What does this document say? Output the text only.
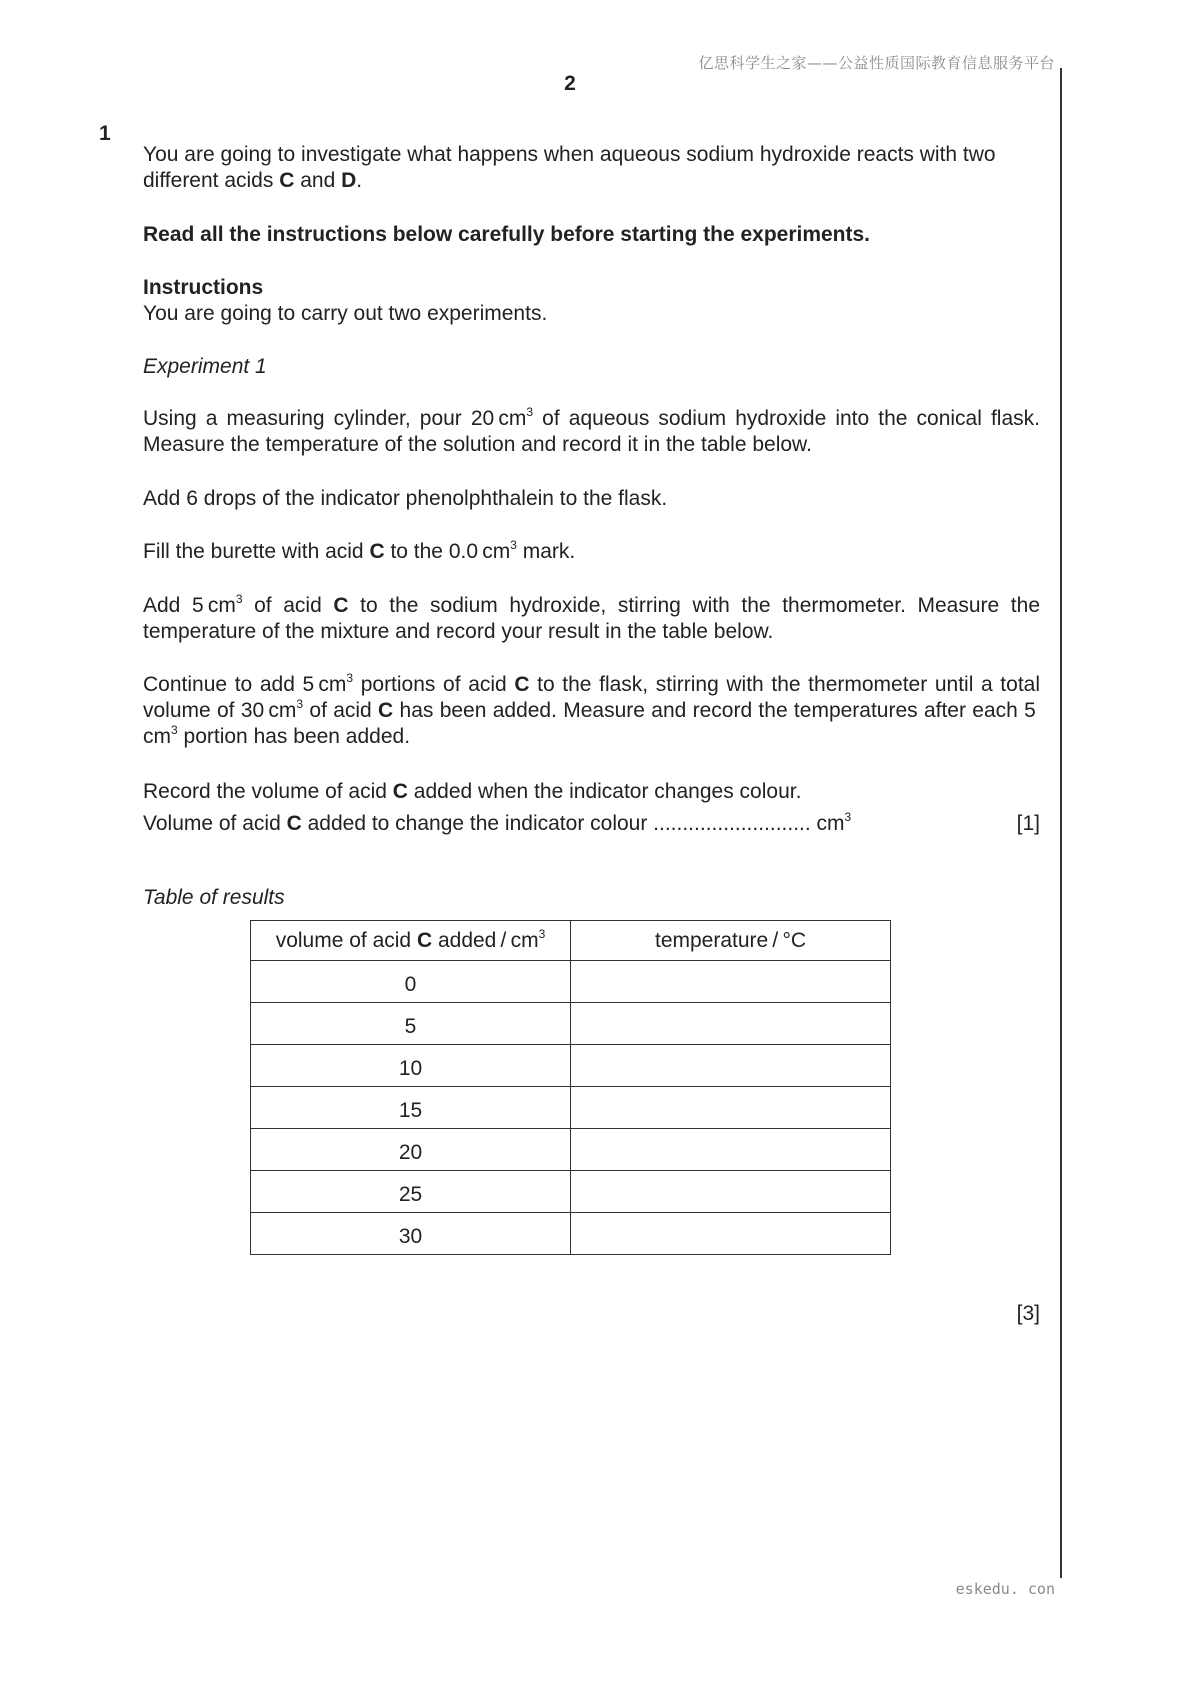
亿思科学生之家——公益性质国际教育信息服务平台
2
1

You are going to investigate what happens when aqueous sodium hydroxide reacts with two different acids C and D.

Read all the instructions below carefully before starting the experiments.

Instructions

You are going to carry out two experiments.

Experiment 1

Using a measuring cylinder, pour 20 $cm^3$ of aqueous sodium hydroxide into the conical flask. Measure the temperature of the solution and record it in the table below.

Add 6 drops of the indicator phenolphthalein to the flask.

Fill the burette with acid C to the 0.0 $cm^3$ mark.

Add 5 $cm^3$ of acid C to the sodium hydroxide, stirring with the thermometer. Measure the temperature of the mixture and record your result in the table below.

Continue to add 5 $cm^3$ portions of acid C to the flask, stirring with the thermometer until a total volume of 30 $cm^3$ of acid C has been added. Measure and record the temperatures after each 5 $cm^3$ portion has been added.

Record the volume of acid C added when the indicator changes colour.

Volume of acid C added to change the indicator colour ........................... $cm^3$	[1]

Table of results

volume of acid C added / $cm^3$	temperature / °C
0	
5	
10	
15	
20	
25	
30	

[3]

eskedu. con
